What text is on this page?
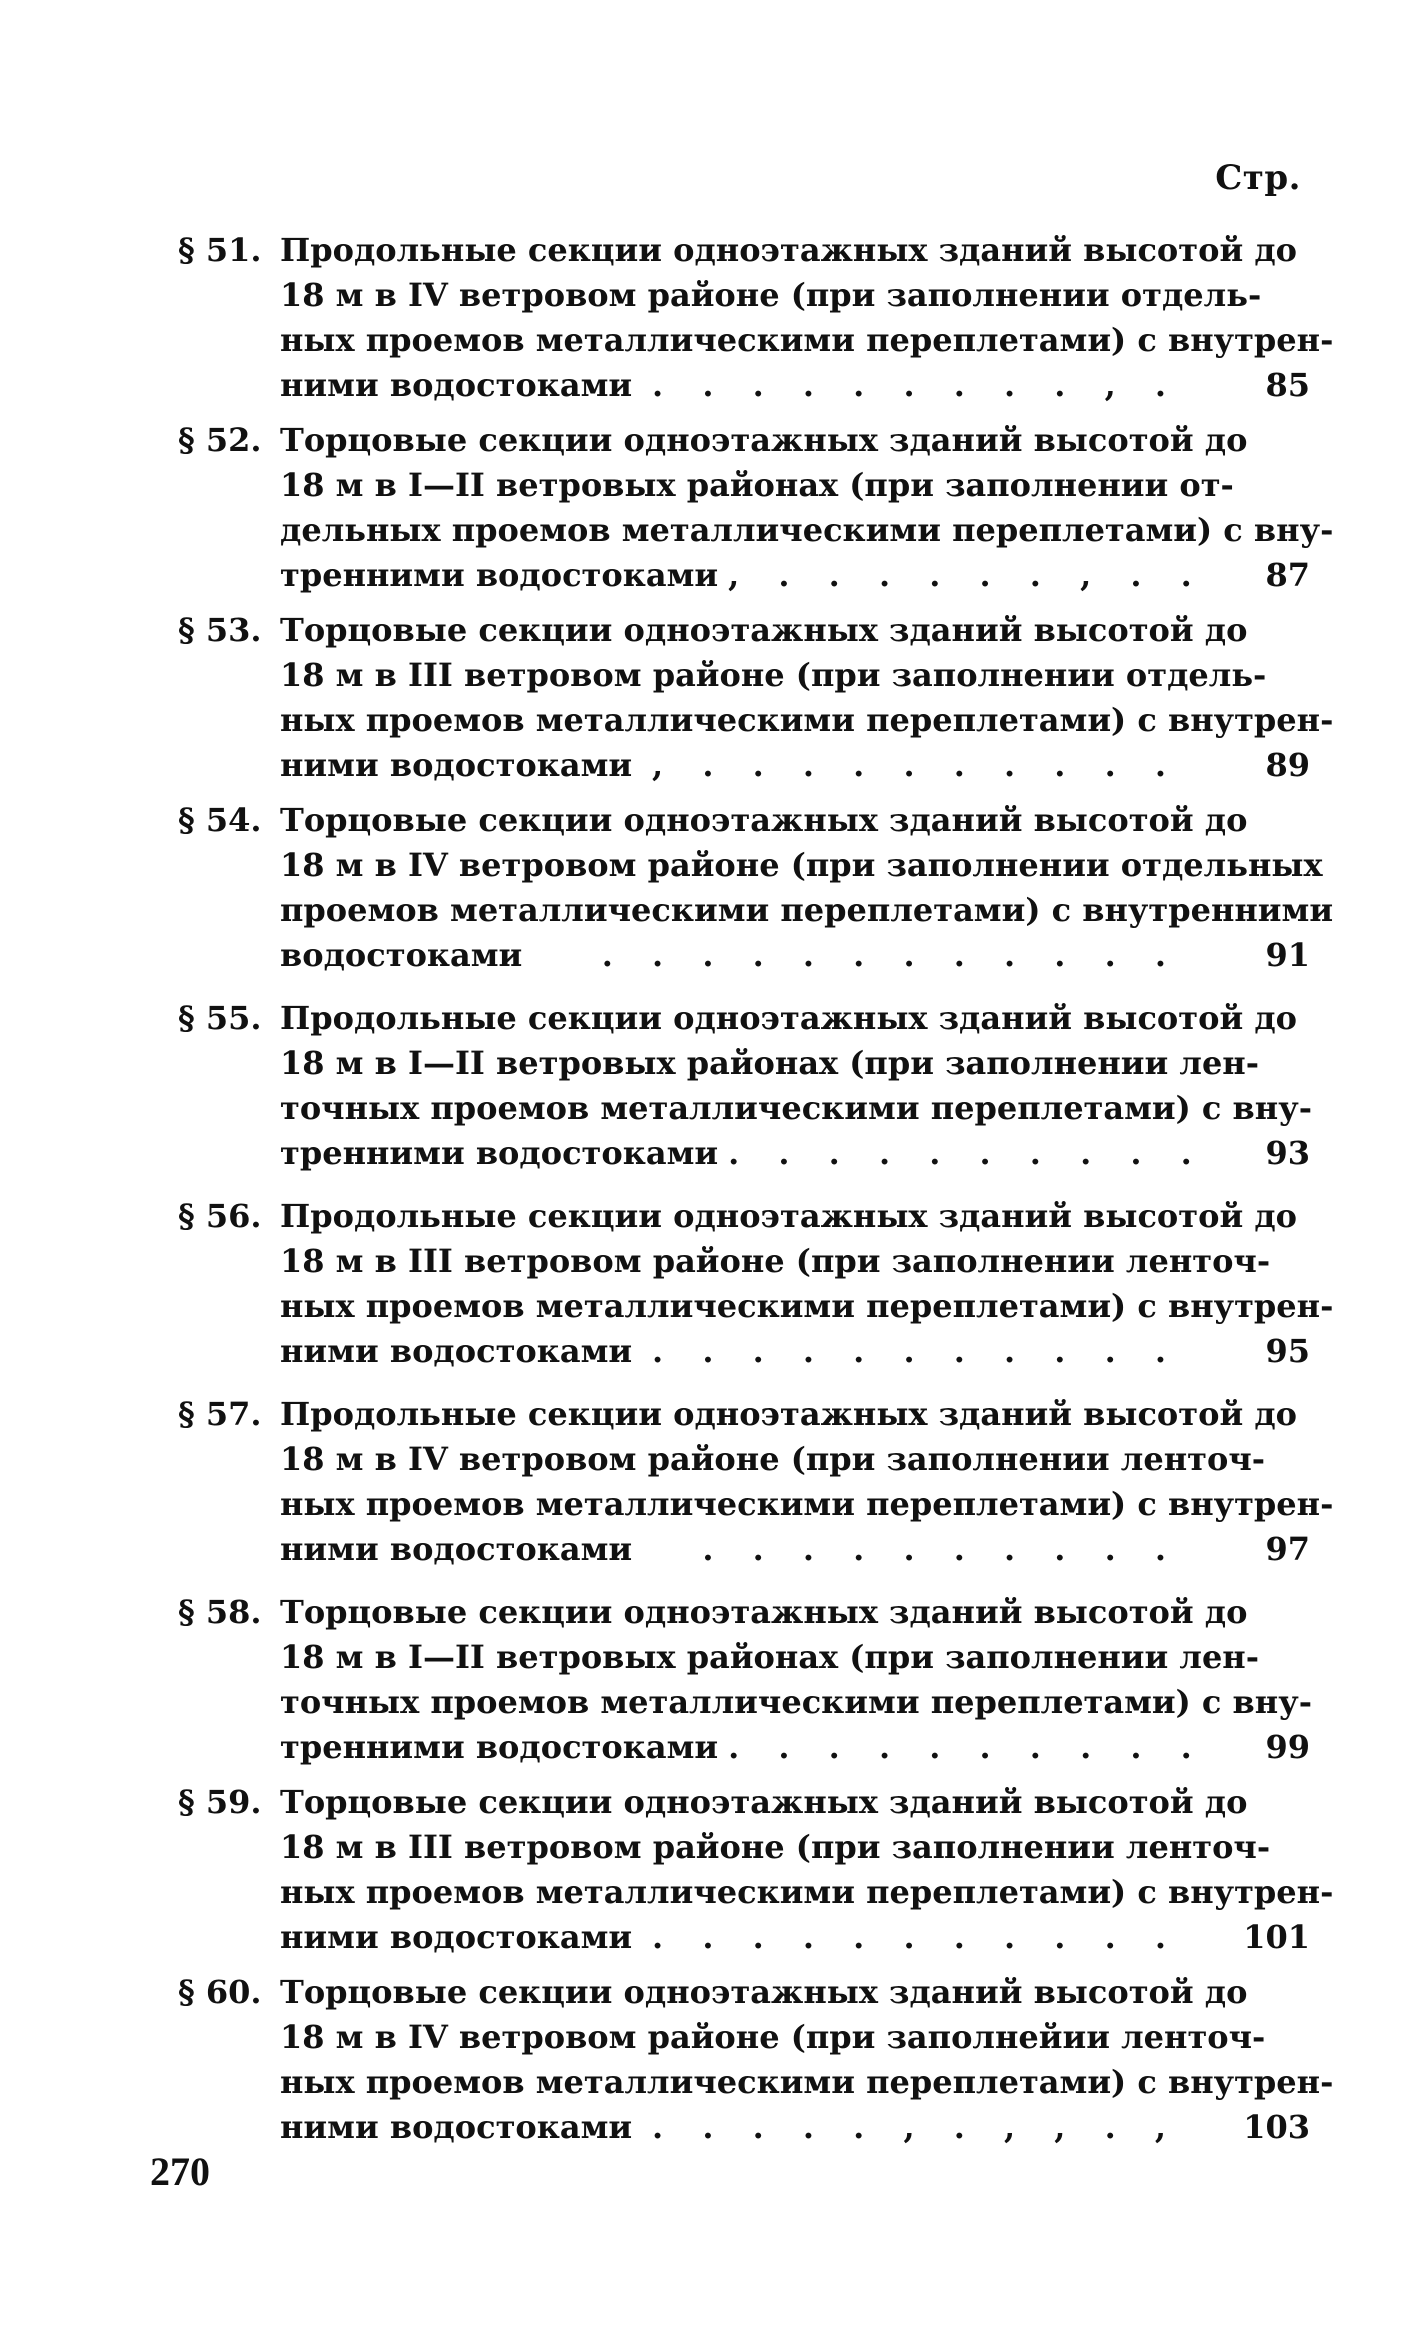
Стр.
§ 51. Продольные секции одноэтажных зданий высотой до
18 м в IV ветровом районе (при заполнении отдель-
ных проемов металлическими переплетами) с внутрен-
ними водостоками . , . . . . . . . . .	85
§ 52. Торцовые секции одноэтажных зданий высотой до
18 м в I—II ветровых районах (при заполнении от-
дельных проемов металлическими переплетами) с вну-
тренними водостоками . . , . . . . . . ,	87
§ 53. Торцовые секции одноэтажных зданий высотой до
18 м в III ветровом районе (при заполнении отдель-
ных проемов металлическими переплетами) с внутрен-
ними водостоками . . . . . . . . . . ,	89
§ 54. Торцовые секции одноэтажных зданий высотой до
18 м в IV ветровом районе (при заполнении отдельных
проемов металлическими переплетами) с внутренними
водостоками	. . . . . . . . . . . .	91
§ 55. Продольные секции одноэтажных зданий высотой до
18 м в I—II ветровых районах (при заполнении лен-
точных проемов металлическими переплетами) с вну-
тренними водостоками . . . . . . . . . .	93
§ 56. Продольные секции одноэтажных зданий высотой до
18 м в III ветровом районе (при заполнении ленточ-
ных проемов металлическими переплетами) с внутрен-
ними водостоками . . . . . . . . . . .	95
§ 57. Продольные секции одноэтажных зданий высотой до
18 м в IV ветровом районе (при заполнении ленточ-
ных проемов металлическими переплетами) с внутрен-
ними водостоками	. . . . . . . . . .	97
§ 58. Торцовые секции одноэтажных зданий высотой до
18 м в I—II ветровых районах (при заполнении лен-
точных проемов металлическими переплетами) с вну-
тренними водостоками . . . . . . . . . .	99
§ 59. Торцовые секции одноэтажных зданий высотой до
18 м в III ветровом районе (при заполнении ленточ-
ных проемов металлическими переплетами) с внутрен-
ними водостоками . . . . . . . . . . .	101
§ 60. Торцовые секции одноэтажных зданий высотой до
18 м в IV ветровом районе (при заполнейии ленточ-
ных проемов металлическими переплетами) с внутрен-
ними водостоками , . , , . , . . . . .	103
270
